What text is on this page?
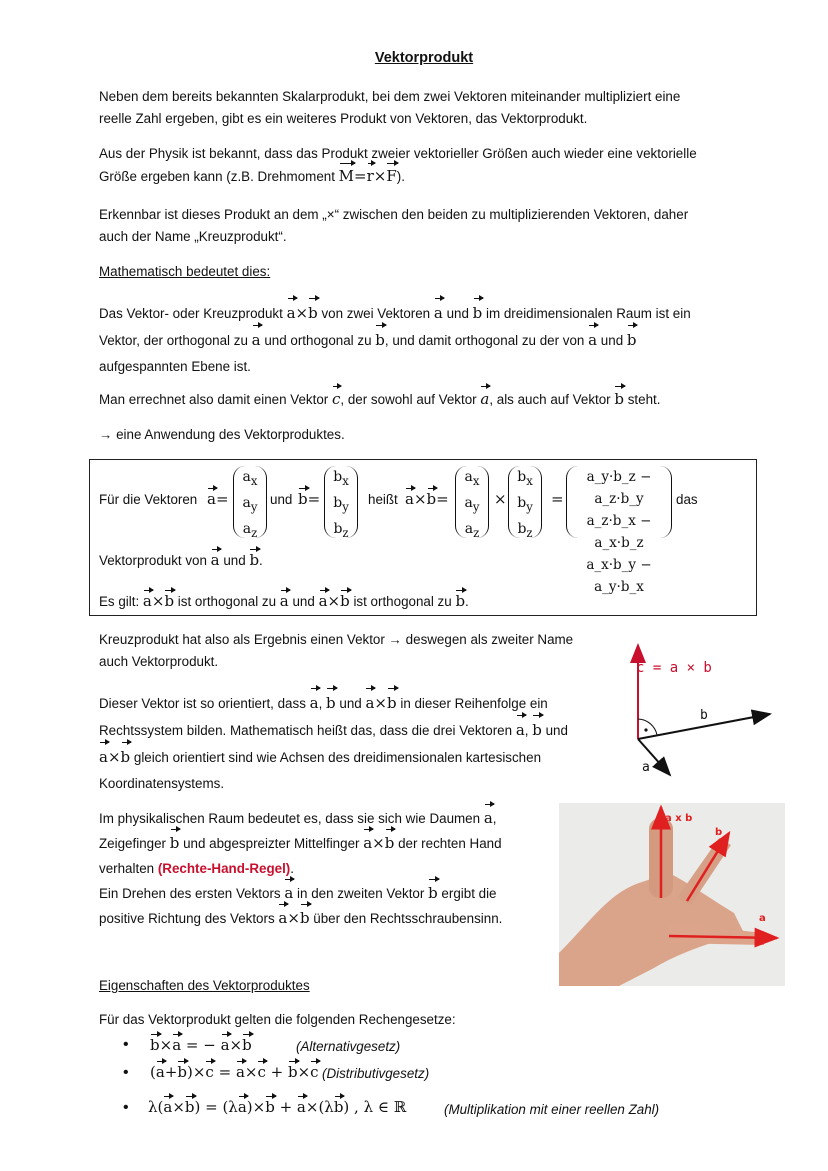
Vektorprodukt
Neben dem bereits bekannten Skalarprodukt, bei dem zwei Vektoren miteinander multipliziert eine
reelle Zahl ergeben, gibt es ein weiteres Produkt von Vektoren, das Vektorprodukt.
Aus der Physik ist bekannt, dass das Produkt zweier vektorieller Größen auch wieder eine vektorielle
Größe ergeben kann (z.B. Drehmoment M=r×F).
Erkennbar ist dieses Produkt an dem „×“ zwischen den beiden zu multiplizierenden Vektoren, daher
auch der Name „Kreuzprodukt“.
Mathematisch bedeutet dies:
Das Vektor- oder Kreuzprodukt a×b von zwei Vektoren a und b im dreidimensionalen Raum ist ein
Vektor, der orthogonal zu a und orthogonal zu b, und damit orthogonal zu der von a und b
aufgespannten Ebene ist.
Man errechnet also damit einen Vektor c, der sowohl auf Vektor a, als auch auf Vektor b steht.
→ eine Anwendung des Vektorproduktes.
Für die Vektoren a=
$a_x$
$a_y$
$a_z$
und b=
$b_x$
$b_y$
$b_z$
heißt a×b=
$a_x$
$a_y$
$a_z$
×
$b_x$
$b_y$
$b_z$
=
a_y·b_z − a_z·b_y
a_z·b_x − a_x·b_z
a_x·b_y − a_y·b_x
das
Vektorprodukt von a und b.
Es gilt: a×b ist orthogonal zu a und a×b ist orthogonal zu b.
Kreuzprodukt hat also als Ergebnis einen Vektor → deswegen als zweiter Name
auch Vektorprodukt.
Dieser Vektor ist so orientiert, dass a, b und a×b in dieser Reihenfolge ein
Rechtssystem bilden. Mathematisch heißt das, dass die drei Vektoren a, b und
a×b gleich orientiert sind wie Achsen des dreidimensionalen kartesischen
Koordinatensystems.
c = a × b
b
a
Im physikalischen Raum bedeutet es, dass sie sich wie Daumen a,
Zeigefinger b und abgespreizter Mittelfinger a×b der rechten Hand
verhalten (Rechte-Hand-Regel).
Ein Drehen des ersten Vektors a in den zweiten Vektor b ergibt die
positive Richtung des Vektors a×b über den Rechtsschraubensinn.
a x b
b
a
Eigenschaften des Vektorproduktes
Für das Vektorprodukt gelten die folgenden Rechengesetze:
• b×a = − a×b	(Alternativgesetz)
• (a+b)×c = a×c + b×c (Distributivgesetz)
• λ(a×b) = (λa)×b + a×(λb) , λ ∈ ℝ	(Multiplikation mit einer reellen Zahl)
